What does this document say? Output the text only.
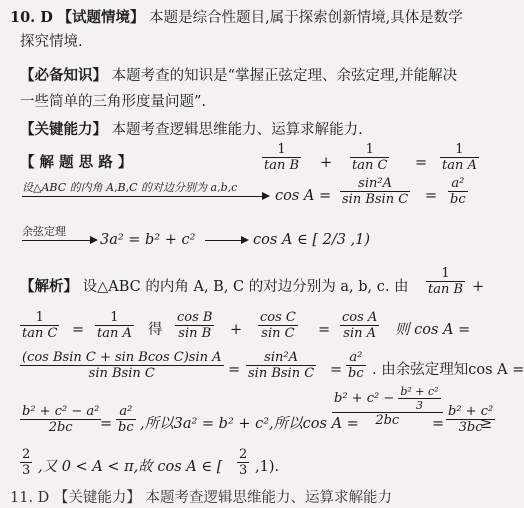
10. D 【试题情境】 本题是综合性题目,属于探索创新情境,具体是数学
探究情境.
【必备知识】 本题考查的知识是“掌握正弦定理、余弦定理,并能解决
一些简单的三角形度量问题”.
【关键能力】 本题考查逻辑思维能力、运算求解能力.
【 解 题 思 路 】	$\frac{1}{\text{tan B}} + \frac{1}{\text{tan C}} = \frac{1}{\text{tan A}}$
设△ABC 的内角 A,B,C 的对边分别为 a,b,c
$\cos A = \frac{\text{sin²A}}{\text{sin Bsin C}} = \frac{\text{a²}}{bc}$
余弦定理
3a² = b² + c²	cos A ∈ [ 2/3 ,1)
【解析】 设△ABC 的内角 A, B, C 的对边分别为 a, b, c. 由 $\frac{1}{\text{tan B}}$ +
$\frac{1}{\text{tan C}} = \frac{1}{\text{tan A}}$ 得 $\frac{\text{cos B}}{\text{sin B}} + \frac{\text{cos C}}{\text{sin C}} = \frac{\text{cos A}}{\text{sin A}}$ 则 cos A =
$\frac{\text{(cos Bsin C + sin Bcos C)sin A}}{\text{sin Bsin C}} = \frac{\text{sin²A}}{\text{sin Bsin C}} = \frac{\text{a²}}{bc}$ . 由余弦定理知cos A =
$\frac{\text{b² + c² − a²}}{2bc}$
= $\frac{\text{a²}}{bc}$ ,所以3a² = b² + c²,所以cos A =
$\frac{b^2 + c^2 - \frac{\text{b² + c²}}{3}}{2bc}$
= $\frac{\text{b² + c²}}{3bc}$
≥
$\frac{2}{3}$ ,又 0 < A < π,故 cos A ∈ [ $\frac{2}{3} ,1$).
11. D 【关键能力】 本题考查逻辑思维能力、运算求解能力
